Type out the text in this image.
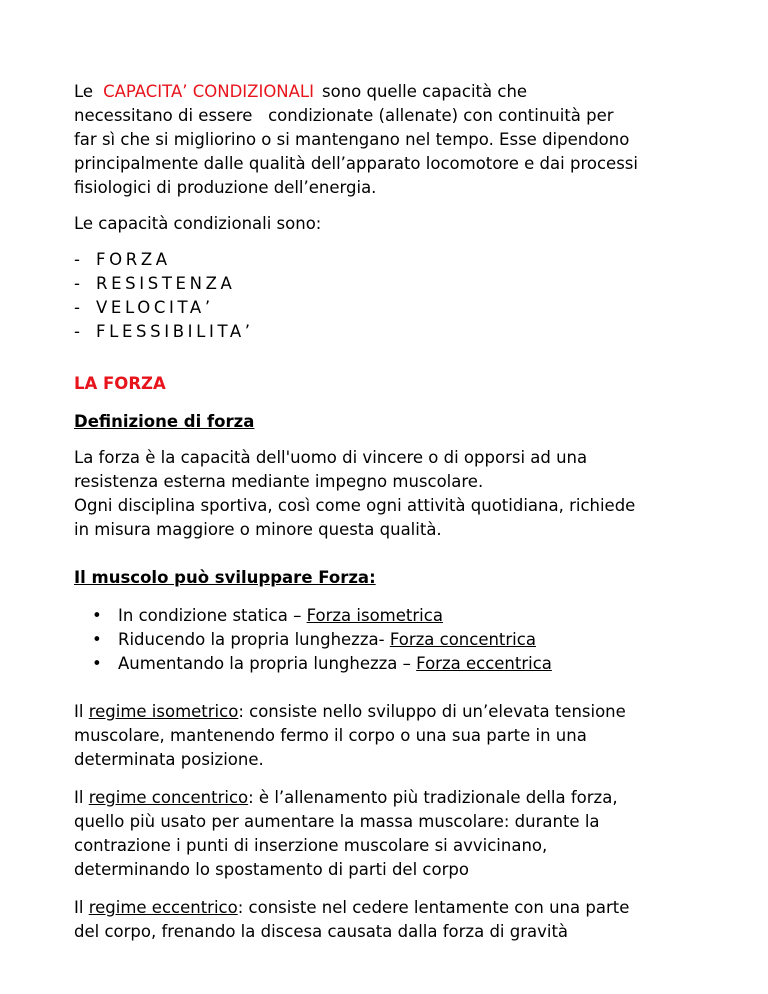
Le CAPACITA’ CONDIZIONALI sono quelle capacità che

necessitano di essere   condizionate (allenate) con continuità per

far sì che si migliorino o si mantengano nel tempo. Esse dipendono

principalmente dalle qualità dell’apparato locomotore e dai processi

fisiologici di produzione dell’energia.

Le capacità condizionali sono:

- FORZA
- RESISTENZA
- VELOCITA’
- FLESSIBILITA’

LA FORZA

Definizione di forza

La forza è la capacità dell'uomo di vincere o di opporsi ad una

resistenza esterna mediante impegno muscolare.

Ogni disciplina sportiva, così come ogni attività quotidiana, richiede

in misura maggiore o minore questa qualità.

Il muscolo può sviluppare Forza:

• In condizione statica – Forza isometrica
• Riducendo la propria lunghezza- Forza concentrica
• Aumentando la propria lunghezza – Forza eccentrica

Il regime isometrico: consiste nello sviluppo di un’elevata tensione

muscolare, mantenendo fermo il corpo o una sua parte in una

determinata posizione.

Il regime concentrico: è l’allenamento più tradizionale della forza,

quello più usato per aumentare la massa muscolare: durante la

contrazione i punti di inserzione muscolare si avvicinano,

determinando lo spostamento di parti del corpo

Il regime eccentrico: consiste nel cedere lentamente con una parte

del corpo, frenando la discesa causata dalla forza di gravità
